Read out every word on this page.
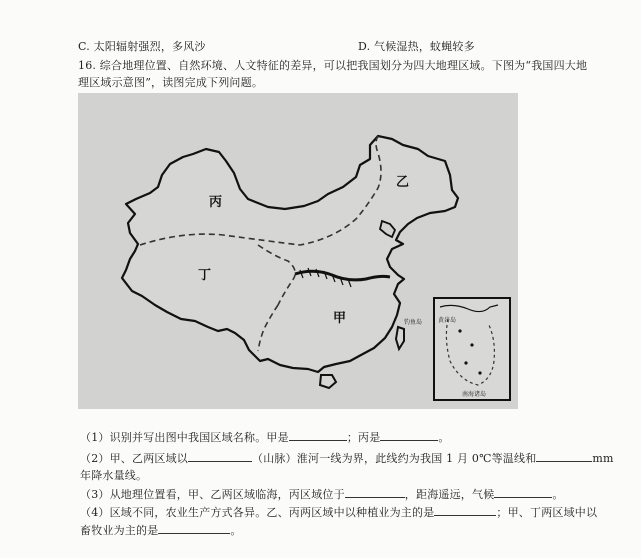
C. 太阳辐射强烈，多风沙	D. 气候湿热，蚊蝇较多
16. 综合地理位置、自然环境、人文特征的差异，可以把我国划分为四大地理区域。下图为“我国四大地
理区域示意图”，读图完成下列问题。
丙
乙
丁
甲	钓鱼岛	黄岩岛
南海诸岛
（1）识别并写出图中我国区域名称。甲是	；丙是	。
（2）甲、乙两区域以	（山脉）淮河一线为界，此线约为我国 1 月 0℃等温线和	mm
年降水量线。
（3）从地理位置看，甲、乙两区域临海，丙区域位于	，距海遥远，气候	。
（4）区域不同，农业生产方式各异。乙、丙两区域中以种植业为主的是	；甲、丁两区域中以
畜牧业为主的是	。
